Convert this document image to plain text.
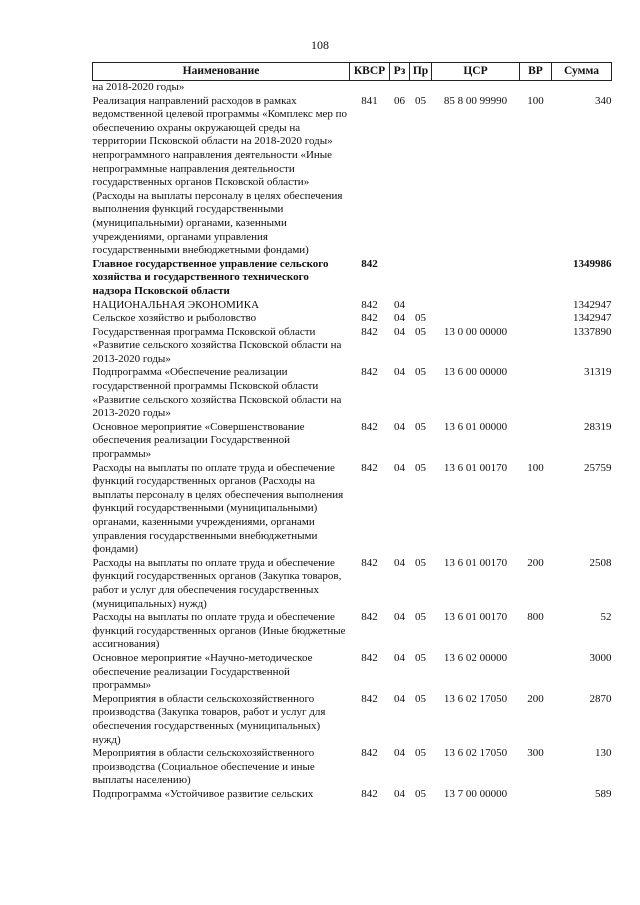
108
Наименование	КВСР	Рз	Пр	ЦСР	ВР	Сумма
на 2018-2020 годы»						
Реализация направлений расходов в рамках ведомственной целевой программы «Комплекс мер по обеспечению охраны окружающей среды на территории Псковской области на 2018-2020 годы» непрограммного направления деятельности «Иные непрограммные направления деятельности государственных органов Псковской области» (Расходы на выплаты персоналу в целях обеспечения выполнения функций государственными (муниципальными) органами, казенными учреждениями, органами управления государственными внебюджетными фондами)	841	06	05	85 8 00 99990	100	340
Главное государственное управление сельского хозяйства и государственного технического надзора Псковской области	842					1349986
НАЦИОНАЛЬНАЯ ЭКОНОМИКА	842	04				1342947
Сельское хозяйство и рыболовство	842	04	05			1342947
Государственная программа Псковской области «Развитие сельского хозяйства Псковской области на 2013-2020 годы»	842	04	05	13 0 00 00000		1337890
Подпрограмма «Обеспечение реализации государственной программы Псковской области «Развитие сельского хозяйства Псковской области на 2013-2020 годы»	842	04	05	13 6 00 00000		31319
Основное мероприятие «Совершенствование обеспечения реализации Государственной программы»	842	04	05	13 6 01 00000		28319
Расходы на выплаты по оплате труда и обеспечение функций государственных органов (Расходы на выплаты персоналу в целях обеспечения выполнения функций государственными (муниципальными) органами, казенными учреждениями, органами управления государственными внебюджетными фондами)	842	04	05	13 6 01 00170	100	25759
Расходы на выплаты по оплате труда и обеспечение функций государственных органов (Закупка товаров, работ и услуг для обеспечения государственных (муниципальных) нужд)	842	04	05	13 6 01 00170	200	2508
Расходы на выплаты по оплате труда и обеспечение функций государственных органов (Иные бюджетные ассигнования)	842	04	05	13 6 01 00170	800	52
Основное мероприятие «Научно-методическое обеспечение реализации Государственной программы»	842	04	05	13 6 02 00000		3000
Мероприятия в области сельскохозяйственного производства (Закупка товаров, работ и услуг для обеспечения государственных (муниципальных) нужд)	842	04	05	13 6 02 17050	200	2870
Мероприятия в области сельскохозяйственного производства (Социальное обеспечение и иные выплаты населению)	842	04	05	13 6 02 17050	300	130
Подпрограмма «Устойчивое развитие сельских	842	04	05	13 7 00 00000		589
